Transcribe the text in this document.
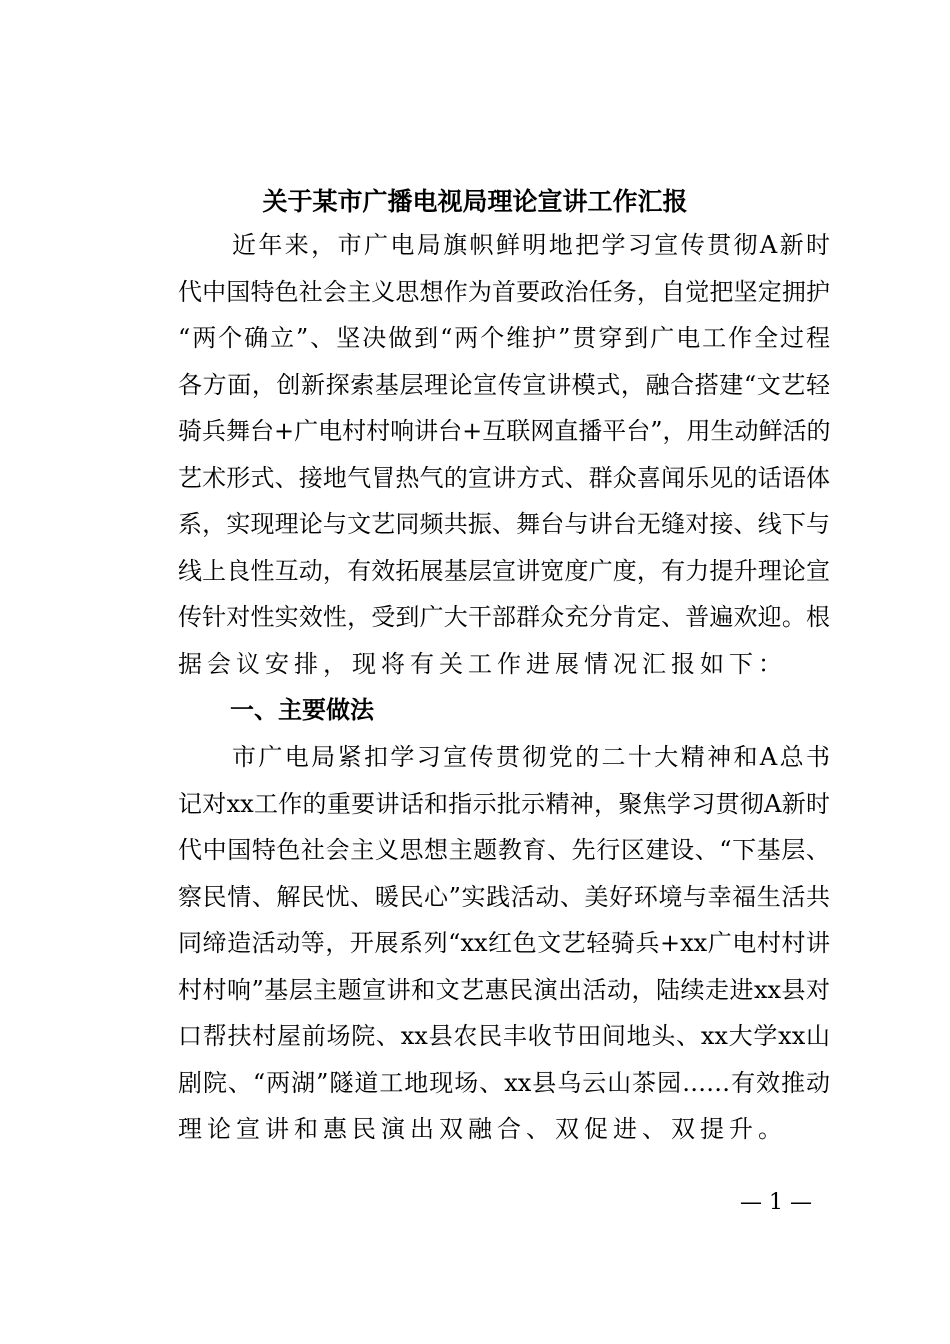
关于某市广播电视局理论宣讲工作汇报
近年来，市广电局旗帜鲜明地把学习宣传贯彻A新时
代中国特色社会主义思想作为首要政治任务，自觉把坚定拥护
“两个确立”、坚决做到“两个维护”贯穿到广电工作全过程
各方面，创新探索基层理论宣传宣讲模式，融合搭建“文艺轻
骑兵舞台+广电村村响讲台+互联网直播平台”，用生动鲜活的
艺术形式、接地气冒热气的宣讲方式、群众喜闻乐见的话语体
系，实现理论与文艺同频共振、舞台与讲台无缝对接、线下与
线上良性互动，有效拓展基层宣讲宽度广度，有力提升理论宣
传针对性实效性，受到广大干部群众充分肯定、普遍欢迎。根
据会议安排，现将有关工作进展情况汇报如下：
一、主要做法
市广电局紧扣学习宣传贯彻党的二十大精神和A总书
记对xx工作的重要讲话和指示批示精神，聚焦学习贯彻A新时
代中国特色社会主义思想主题教育、先行区建设、“下基层、
察民情、解民忧、暖民心”实践活动、美好环境与幸福生活共
同缔造活动等，开展系列“xx红色文艺轻骑兵+xx广电村村讲
村村响”基层主题宣讲和文艺惠民演出活动，陆续走进xx县对
口帮扶村屋前场院、xx县农民丰收节田间地头、xx大学xx山
剧院、“两湖”隧道工地现场、xx县乌云山茶园……有效推动
理论宣讲和惠民演出双融合、双促进、双提升。
— 1 —
